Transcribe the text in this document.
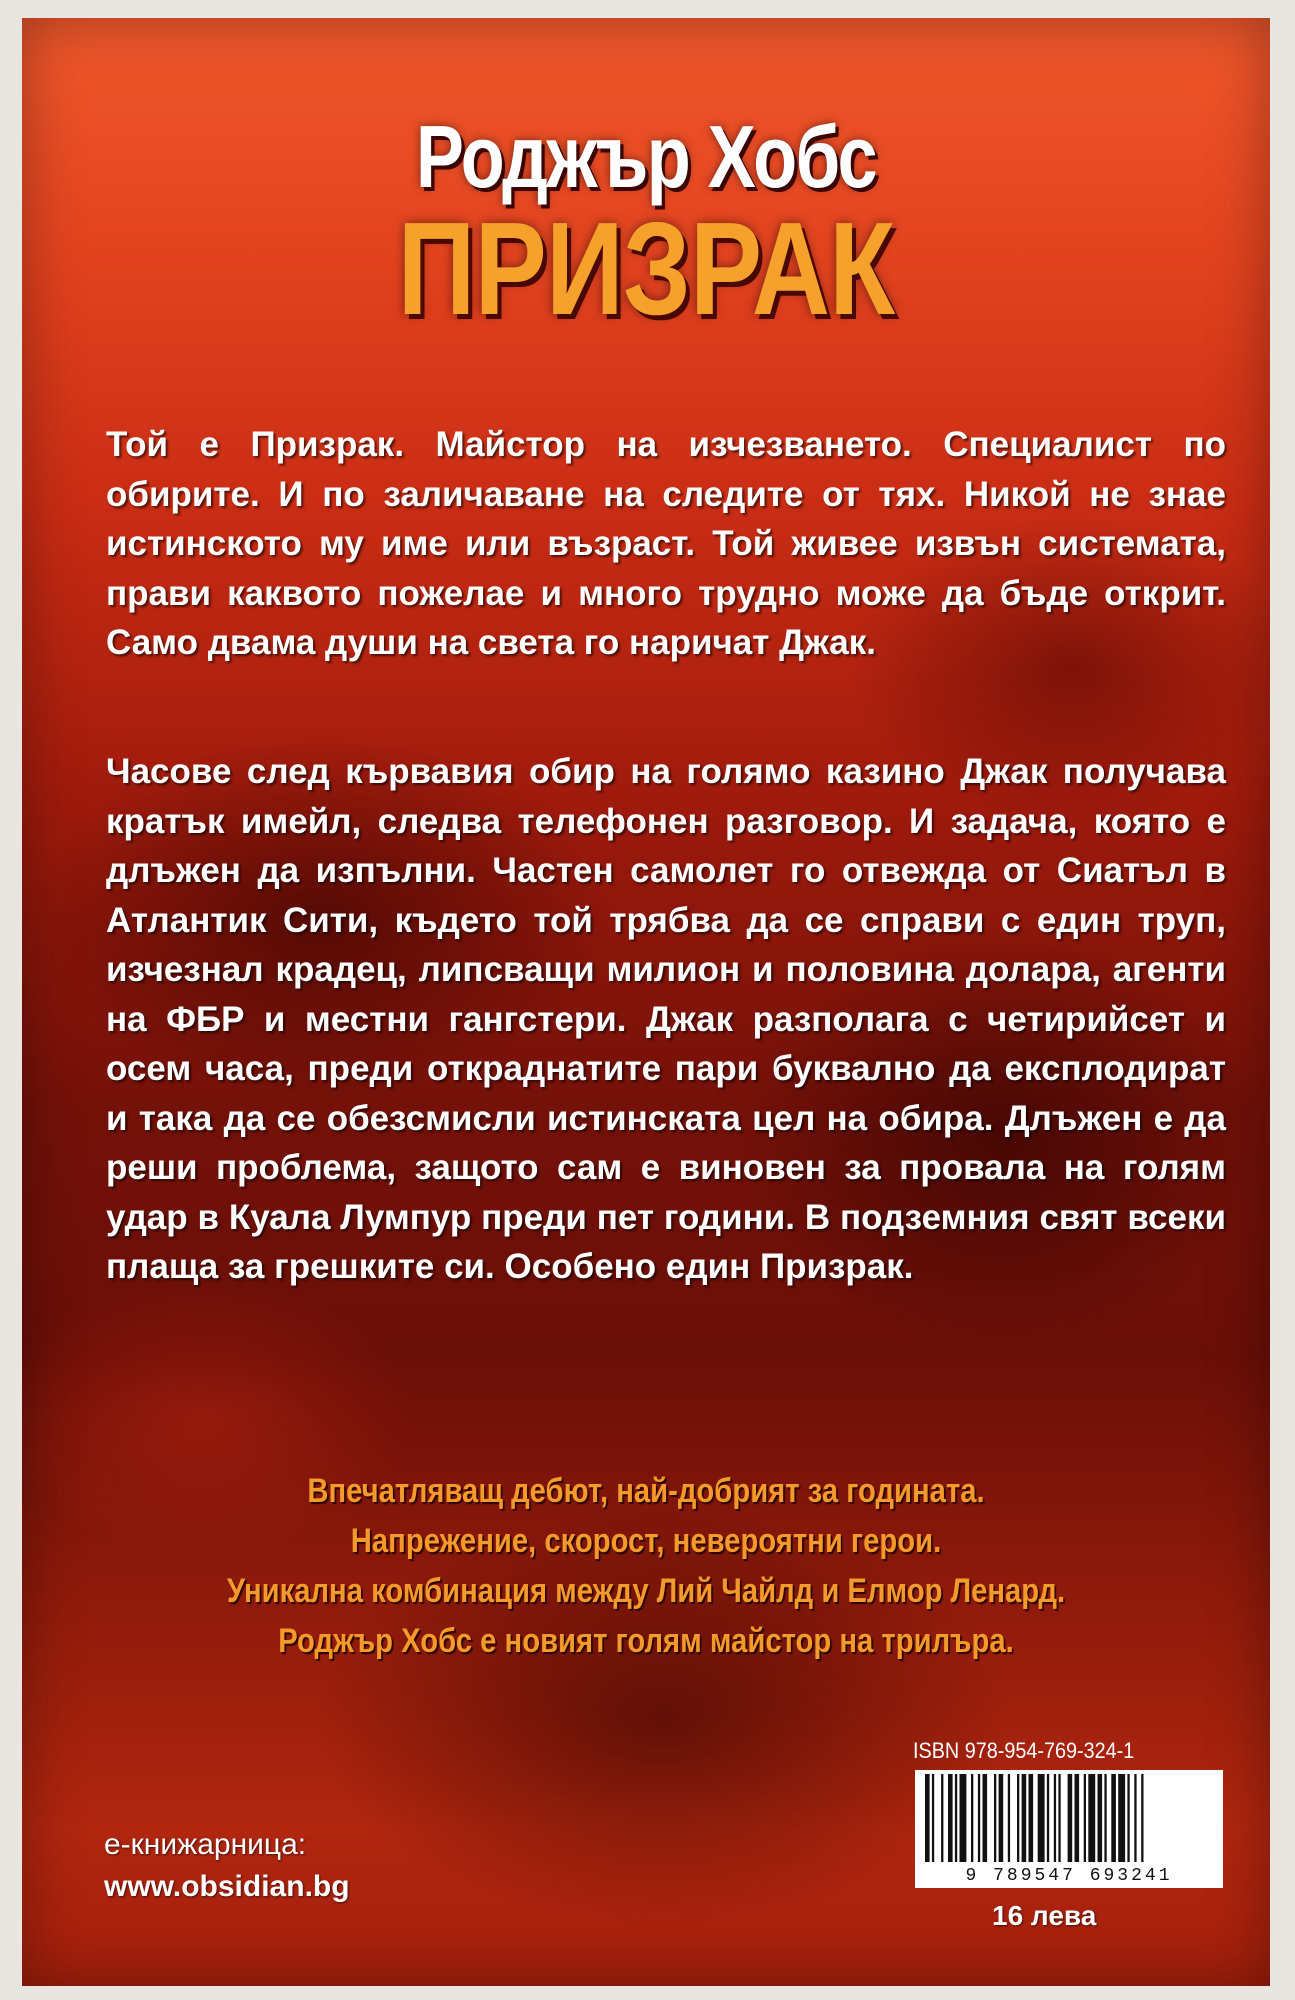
Роджър Хобс
ПРИЗРАК

Той е Призрак. Майстор на изчезването. Специалист по обирите. И по заличаване на следите от тях. Никой не знае истинското му име или възраст. Той живее извън системата, прави каквото пожелае и много трудно може да бъде открит. Само двама души на света го наричат Джак.

Часове след кървавия обир на голямо казино Джак получава кратък имейл, следва телефонен разговор. И задача, която е длъжен да изпълни. Частен самолет го отвежда от Сиатъл в Атлантик Сити, където той трябва да се справи с един труп, изчезнал крадец, липсващи милион и половина долара, агенти на ФБР и местни гангстери. Джак разполага с четирийсет и осем часа, преди откраднатите пари буквално да експлодират и така да се обезсмисли истинската цел на обира. Длъжен е да реши проблема, защото сам е виновен за провала на голям удар в Куала Лумпур преди пет години. В подземния свят всеки плаща за грешките си. Особено един Призрак.

Впечатляващ дебют, най-добрият за годината.
Напрежение, скорост, невероятни герои.
Уникална комбинация между Лий Чайлд и Елмор Ленард.
Роджър Хобс е новият голям майстор на трилъра.
е-книжарница:
www.obsidian.bg
ISBN 978-954-769-324-1
9 789547 693241
16 лева
